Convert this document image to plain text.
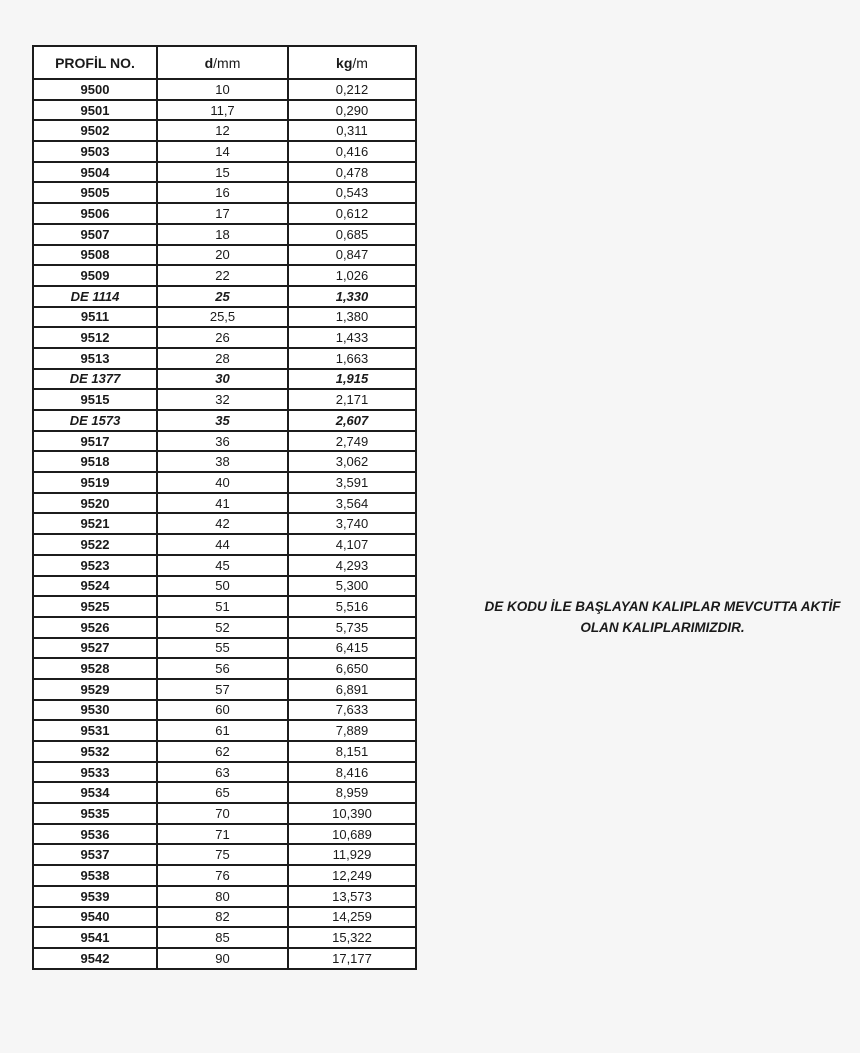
PROFİL NO.	d/mm	kg/m
9500	10	0,212
9501	11,7	0,290
9502	12	0,311
9503	14	0,416
9504	15	0,478
9505	16	0,543
9506	17	0,612
9507	18	0,685
9508	20	0,847
9509	22	1,026
DE 1114	25	1,330
9511	25,5	1,380
9512	26	1,433
9513	28	1,663
DE 1377	30	1,915
9515	32	2,171
DE 1573	35	2,607
9517	36	2,749
9518	38	3,062
9519	40	3,591
9520	41	3,564
9521	42	3,740
9522	44	4,107
9523	45	4,293
9524	50	5,300
9525	51	5,516
9526	52	5,735
9527	55	6,415
9528	56	6,650
9529	57	6,891
9530	60	7,633
9531	61	7,889
9532	62	8,151
9533	63	8,416
9534	65	8,959
9535	70	10,390
9536	71	10,689
9537	75	11,929
9538	76	12,249
9539	80	13,573
9540	82	14,259
9541	85	15,322
9542	90	17,177
DE KODU İLE BAŞLAYAN KALIPLAR MEVCUTTA AKTİF
OLAN KALIPLARIMIZDIR.
